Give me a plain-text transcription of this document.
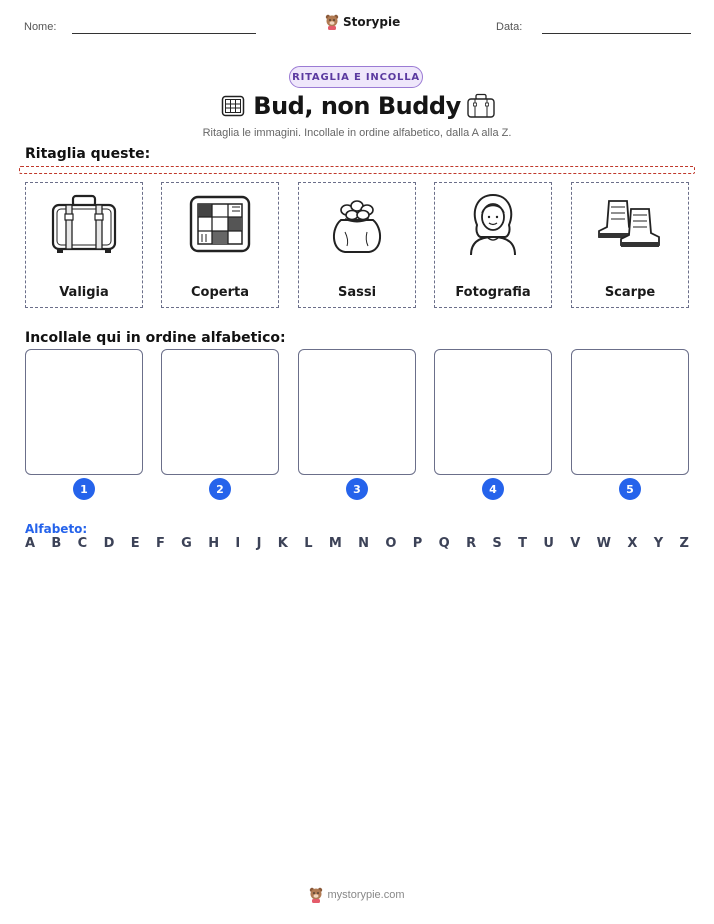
Nome:	Storypie	Data:
RITAGLIA E INCOLLA
Bud, non Buddy
Ritaglia le immagini. Incollale in ordine alfabetico, dalla A alla Z.
Ritaglia queste:
Valigia	Coperta	Sassi	Fotografia	Scarpe
Incollale qui in ordine alfabetico:
1	2	3	4	5
Alfabeto:
A B C D E F G H I J K L M N O P Q R S T U V W X Y Z
mystorypie.com
